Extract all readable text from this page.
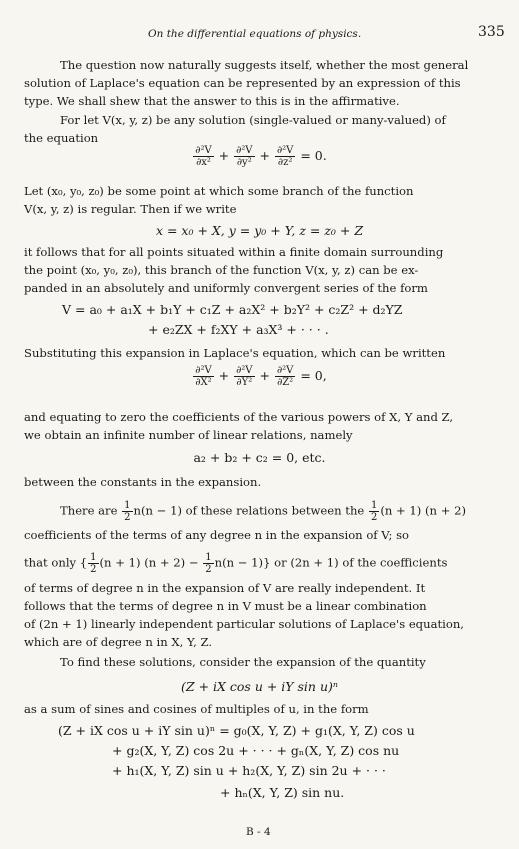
On the differential equations of physics.	335
The question now naturally suggests itself, whether the most general
solution of Laplace's equation can be represented by an expression of this
type. We shall shew that the answer to this is in the affirmative.
For let V(x, y, z) be any solution (single-valued or many-valued) of
the equation
$\frac{\text{∂²V}}{\text{∂x²}} + \frac{\text{∂²V}}{\text{∂y²}} + \frac{\text{∂²V}}{\text{∂z²}} = 0$.
Let (x₀, y₀, z₀) be some point at which some branch of the function
V(x, y, z) is regular. Then if we write
x = x₀ + X, y = y₀ + Y, z = z₀ + Z
it follows that for all points situated within a finite domain surrounding
the point (x₀, y₀, z₀), this branch of the function V(x, y, z) can be ex-
panded in an absolutely and uniformly convergent series of the form
V = a₀ + a₁X + b₁Y + c₁Z + a₂X² + b₂Y² + c₂Z² + d₂YZ
+ e₂ZX + f₂XY + a₃X³ + · · · .
Substituting this expansion in Laplace's equation, which can be written
$\frac{\text{∂²V}}{\text{∂X²}} + \frac{\text{∂²V}}{\text{∂Y²}} + \frac{\text{∂²V}}{\text{∂Z²}} = 0$,
and equating to zero the coefficients of the various powers of X, Y and Z,
we obtain an infinite number of linear relations, namely
a₂ + b₂ + c₂ = 0, etc.
between the constants in the expansion.
There are $\frac{1}{2} n(n - 1)$ of these relations between the $\frac{1}{2} (n + 1) (n + 2)$
coefficients of the terms of any degree n in the expansion of V; so
that only { $\frac{1}{2} (n + 1) (n + 2) - \frac{1}{2} n(n - 1)$} or (2n + 1) of the coefficients
of terms of degree n in the expansion of V are really independent. It
follows that the terms of degree n in V must be a linear combination
of (2n + 1) linearly independent particular solutions of Laplace's equation,
which are of degree n in X, Y, Z.
To find these solutions, consider the expansion of the quantity
(Z + iX cos u + iY sin u)ⁿ
as a sum of sines and cosines of multiples of u, in the form
(Z + iX cos u + iY sin u)ⁿ = g₀(X, Y, Z) + g₁(X, Y, Z) cos u
+ g₂(X, Y, Z) cos 2u + · · · + gₙ(X, Y, Z) cos nu
+ h₁(X, Y, Z) sin u + h₂(X, Y, Z) sin 2u + · · ·
+ hₙ(X, Y, Z) sin nu.
B - 4
